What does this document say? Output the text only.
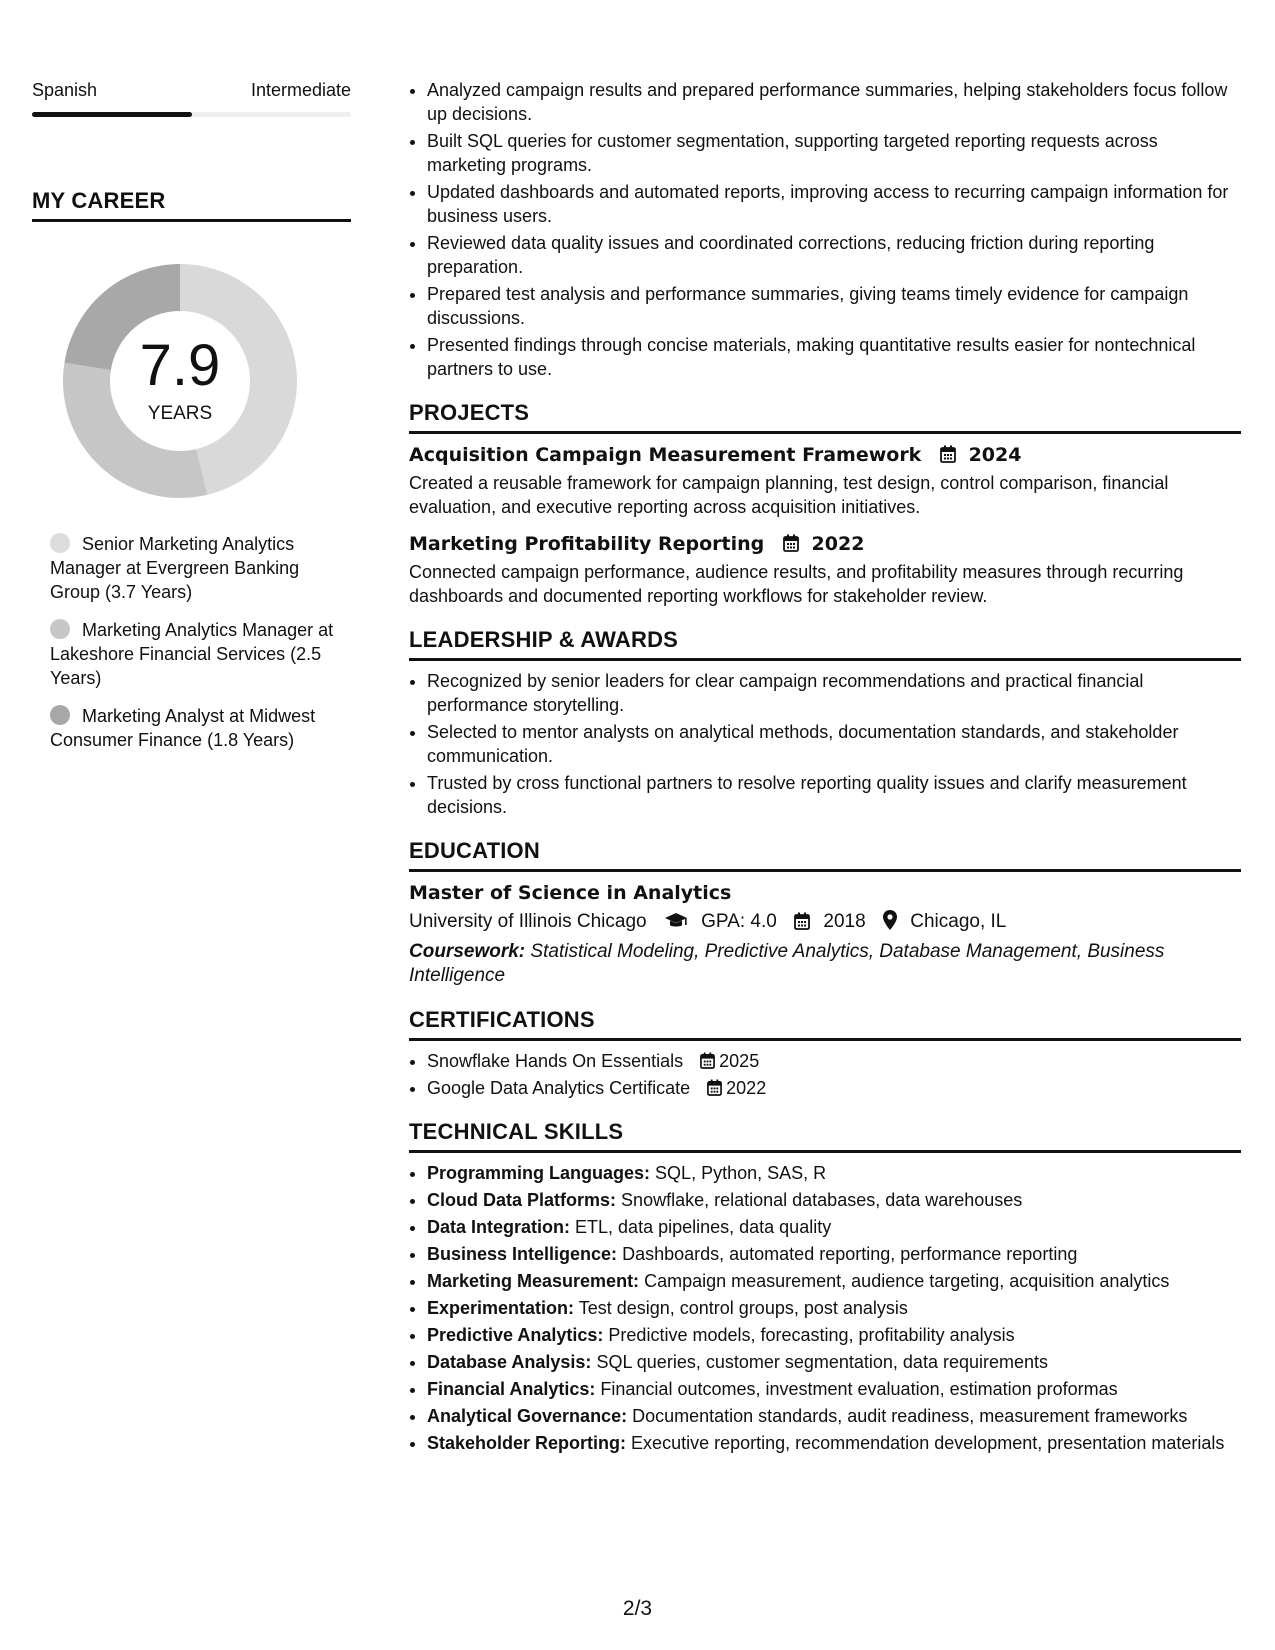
Spanish	Intermediate
MY CAREER
7.9
YEARS
Senior Marketing Analytics Manager at Evergreen Banking Group (3.7 Years)
Marketing Analytics Manager at Lakeshore Financial Services (2.5 Years)
Marketing Analyst at Midwest Consumer Finance (1.8 Years)
• Analyzed campaign results and prepared performance summaries, helping stakeholders focus follow up decisions.
• Built SQL queries for customer segmentation, supporting targeted reporting requests across marketing programs.
• Updated dashboards and automated reports, improving access to recurring campaign information for business users.
• Reviewed data quality issues and coordinated corrections, reducing friction during reporting preparation.
• Prepared test analysis and performance summaries, giving teams timely evidence for campaign discussions.
• Presented findings through concise materials, making quantitative results easier for nontechnical partners to use.
PROJECTS
Acquisition Campaign Measurement Framework 2024
Created a reusable framework for campaign planning, test design, control comparison, financial evaluation, and executive reporting across acquisition initiatives.
Marketing Profitability Reporting 2022
Connected campaign performance, audience results, and profitability measures through recurring dashboards and documented reporting workflows for stakeholder review.
LEADERSHIP & AWARDS
• Recognized by senior leaders for clear campaign recommendations and practical financial performance storytelling.
• Selected to mentor analysts on analytical methods, documentation standards, and stakeholder communication.
• Trusted by cross functional partners to resolve reporting quality issues and clarify measurement decisions.
EDUCATION
Master of Science in Analytics
University of Illinois Chicago	GPA: 4.0 2018 Chicago, IL
Coursework: Statistical Modeling, Predictive Analytics, Database Management, Business Intelligence
CERTIFICATIONS
• Snowflake Hands On Essentials 2025
• Google Data Analytics Certificate 2022
TECHNICAL SKILLS
• Programming Languages: SQL, Python, SAS, R
• Cloud Data Platforms: Snowflake, relational databases, data warehouses
• Data Integration: ETL, data pipelines, data quality
• Business Intelligence: Dashboards, automated reporting, performance reporting
• Marketing Measurement: Campaign measurement, audience targeting, acquisition analytics
• Experimentation: Test design, control groups, post analysis
• Predictive Analytics: Predictive models, forecasting, profitability analysis
• Database Analysis: SQL queries, customer segmentation, data requirements
• Financial Analytics: Financial outcomes, investment evaluation, estimation proformas
• Analytical Governance: Documentation standards, audit readiness, measurement frameworks
• Stakeholder Reporting: Executive reporting, recommendation development, presentation materials
2/3
